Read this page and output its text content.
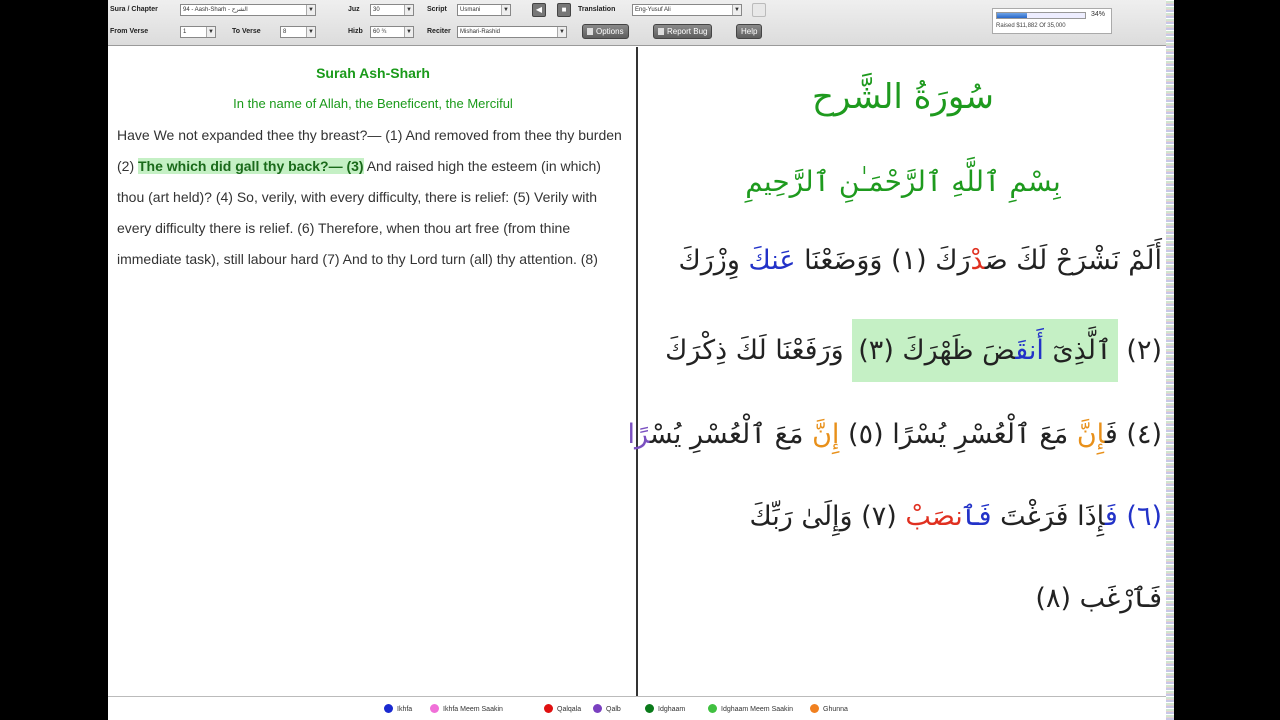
Sura / Chapter	94 - Aash-Sharh - الشرح	▼	Juz	30	▼ Script	Usmani	▼	◀	■	Translation	Eng-Yusuf Ali	▼
From Verse	1	▼	To Verse	8	▼	Hizb	60 ¾	▼ Reciter	Mishari-Rashid	▼	Options	Report Bug	Help
34%
Raised $11,882 Of 35,000
Surah Ash-Sharh
In the name of Allah, the Beneficent, the Merciful
Have We not expanded thee thy breast?— (1) And removed from thee thy burden (2) The which did gall thy back?— (3) And raised high the esteem (in which) thou (art held)? (4) So, verily, with every difficulty, there is relief: (5) Verily with every difficulty there is relief. (6) Therefore, when thou art free (from thine immediate task), still labour hard (7) And to thy Lord turn (all) thy attention. (8)
سُورَةُ الشَّرح
بِسْمِ ٱللَّهِ ٱلرَّحْمَـٰنِ ٱلرَّحِيمِ
أَلَمْ نَشْرَحْ لَكَ صَدْرَكَ (١) وَوَضَعْنَا عَنكَ وِزْرَكَ
(٢) ٱلَّذِىٓ أَنقَضَ ظَهْرَكَ (٣) وَرَفَعْنَا لَكَ ذِكْرَكَ
(٤) فَإِنَّ مَعَ ٱلْعُسْرِ يُسْرًا (٥) إِنَّ مَعَ ٱلْعُسْرِ يُسْرًا
(٦) فَإِذَا فَرَغْتَ فَٱنصَبْ (٧) وَإِلَىٰ رَبِّكَ
فَٱرْغَب (٨)
Ikhfa	Ikhfa Meem Saakin	Qalqala	Qalb	Idghaam	Idghaam Meem Saakin	Ghunna
